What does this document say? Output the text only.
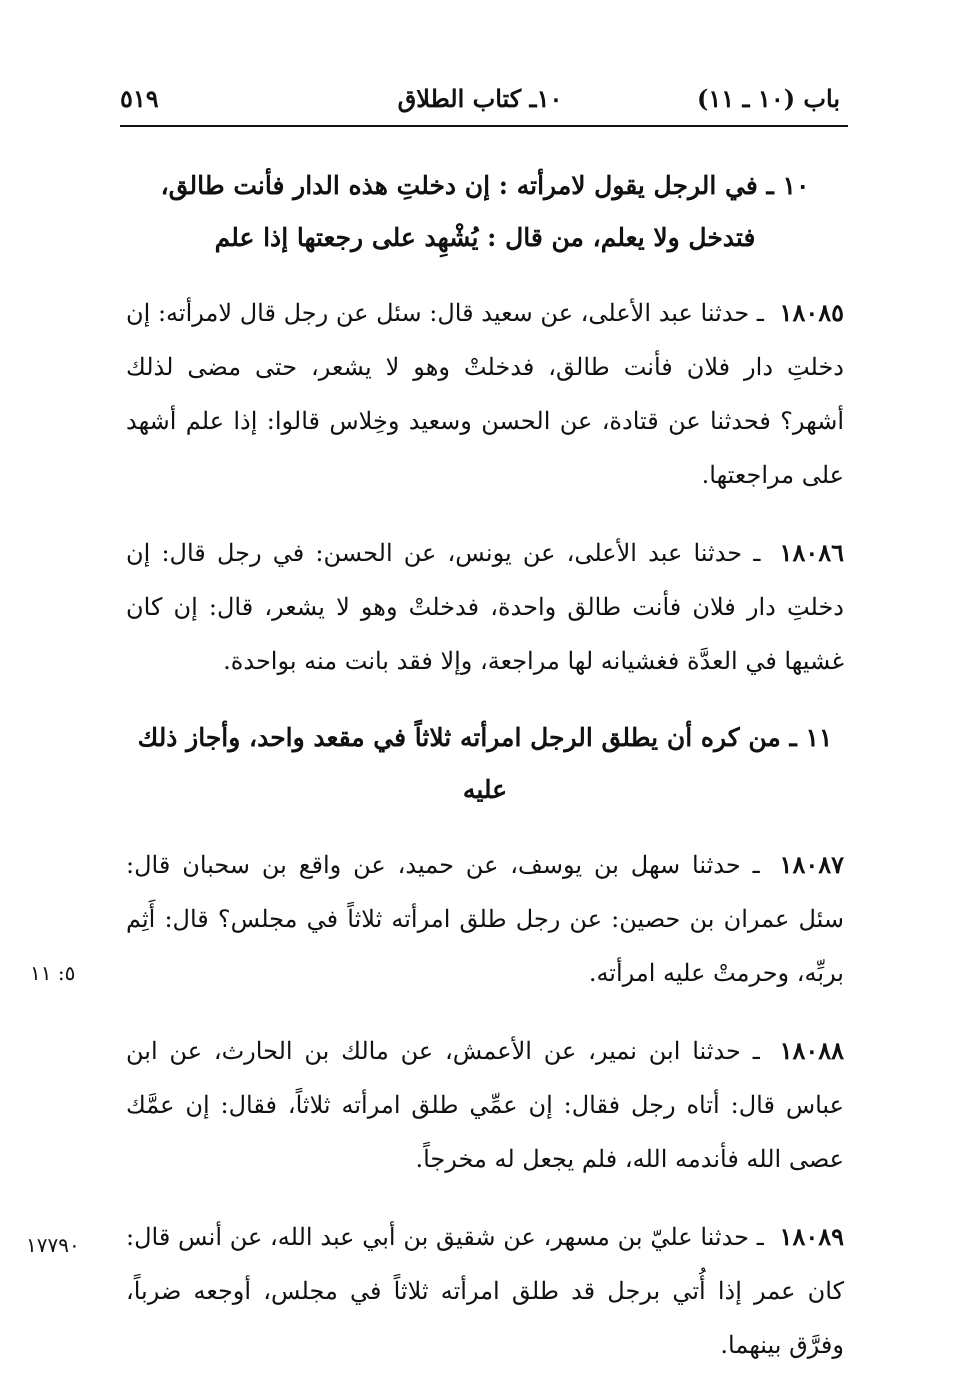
باب (١٠ ـ ١١)
١٠ـ كتاب الطلاق
٥١٩

١٠ ـ في الرجل يقول لامرأته : إن دخلتِ هذه الدار فأنت طالق، فتدخل ولا يعلم، من قال : يُشْهِد على رجعتها إذا علم

١٨٠٨٥ ـ حدثنا عبد الأعلى، عن سعيد قال: سئل عن رجل قال لامرأته: إن دخلتِ دار فلان فأنت طالق، فدخلتْ وهو لا يشعر، حتى مضى لذلك أشهر؟ فحدثنا عن قتادة، عن الحسن وسعيد وخِلاس قالوا: إذا علم أشهد على مراجعتها.

١٨٠٨٦ ـ حدثنا عبد الأعلى، عن يونس، عن الحسن: في رجل قال: إن دخلتِ دار فلان فأنت طالق واحدة، فدخلتْ وهو لا يشعر، قال: إن كان غشيها في العدَّة فغشيانه لها مراجعة، وإلا فقد بانت منه بواحدة.

١١ ـ من كره أن يطلق الرجل امرأته ثلاثاً في مقعد واحد، وأجاز ذلك عليه

١٨٠٨٧ ـ حدثنا سهل بن يوسف، عن حميد، عن واقع بن سحبان قال: سئل عمران بن حصين: عن رجل طلق امرأته ثلاثاً في مجلس؟ قال: أَثِم بربِّه، وحرمتْ عليه امرأته.
٥: ١١

١٨٠٨٨ ـ حدثنا ابن نمير، عن الأعمش، عن مالك بن الحارث، عن ابن عباس قال: أتاه رجل فقال: إن عمِّي طلق امرأته ثلاثاً، فقال: إن عمَّك عصى الله فأندمه الله، فلم يجعل له مخرجاً.

١٨٠٨٩ ـ حدثنا عليّ بن مسهر، عن شقيق بن أبي عبد الله، عن أنس قال: كان عمر إذا أُتي برجل قد طلق امرأته ثلاثاً في مجلس، أوجعه ضرباً، وفرَّق بينهما.
١٧٧٩٠
